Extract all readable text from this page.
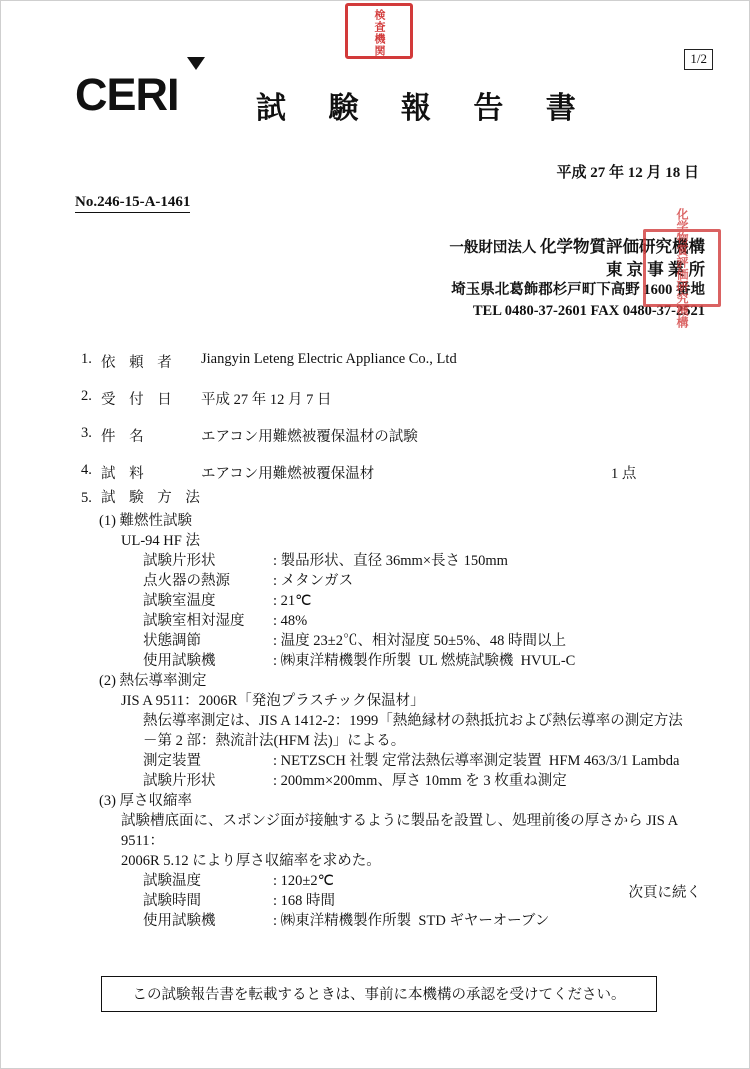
検査機関
1/2
CERI	試 験 報 告 書
平成 27 年 12 月 18 日
No.246-15-A-1461
一般財団法人 化学物質評価研究機構
東 京 事 業 所
埼玉県北葛飾郡杉戸町下高野 1600 番地
TEL 0480-37-2601 FAX 0480-37-2521
化学物質評価研究機構
1. 依 頼 者	Jiangyin Leteng Electric Appliance Co., Ltd
2. 受 付 日	平成 27 年 12 月 7 日
3. 件 名	エアコン用難燃被覆保温材の試験
4. 試 料	エアコン用難燃被覆保温材	1 点
5. 試 験 方 法
(1) 難燃性試験
UL-94 HF 法
試験片形状	: 製品形状、直径 36mm×長さ 150mm
点火器の熱源	: メタンガス
試験室温度	: 21℃
試験室相対湿度	: 48%
状態調節	: 温度 23±2℃、相対湿度 50±5%、48 時間以上
使用試験機	: ㈱東洋精機製作所製  UL 燃焼試験機  HVUL-C
(2) 熱伝導率測定
JIS A 9511：2006R「発泡プラスチック保温材」
熱伝導率測定は、JIS A 1412-2：1999「熱絶縁材の熱抵抗および熱伝導率の測定方法
－第 2 部：熱流計法(HFM 法)」による。
測定装置	: NETZSCH 社製 定常法熱伝導率測定装置  HFM 463/3/1 Lambda
試験片形状	: 200mm×200mm、厚さ 10mm を 3 枚重ね測定
(3) 厚さ収縮率
試験槽底面に、スポンジ面が接触するように製品を設置し、処理前後の厚さから JIS A 9511：
2006R 5.12 により厚さ収縮率を求めた。
試験温度	: 120±2℃
試験時間	: 168 時間
使用試験機	: ㈱東洋精機製作所製  STD ギヤーオーブン
次頁に続く
この試験報告書を転載するときは、事前に本機構の承認を受けてください。
